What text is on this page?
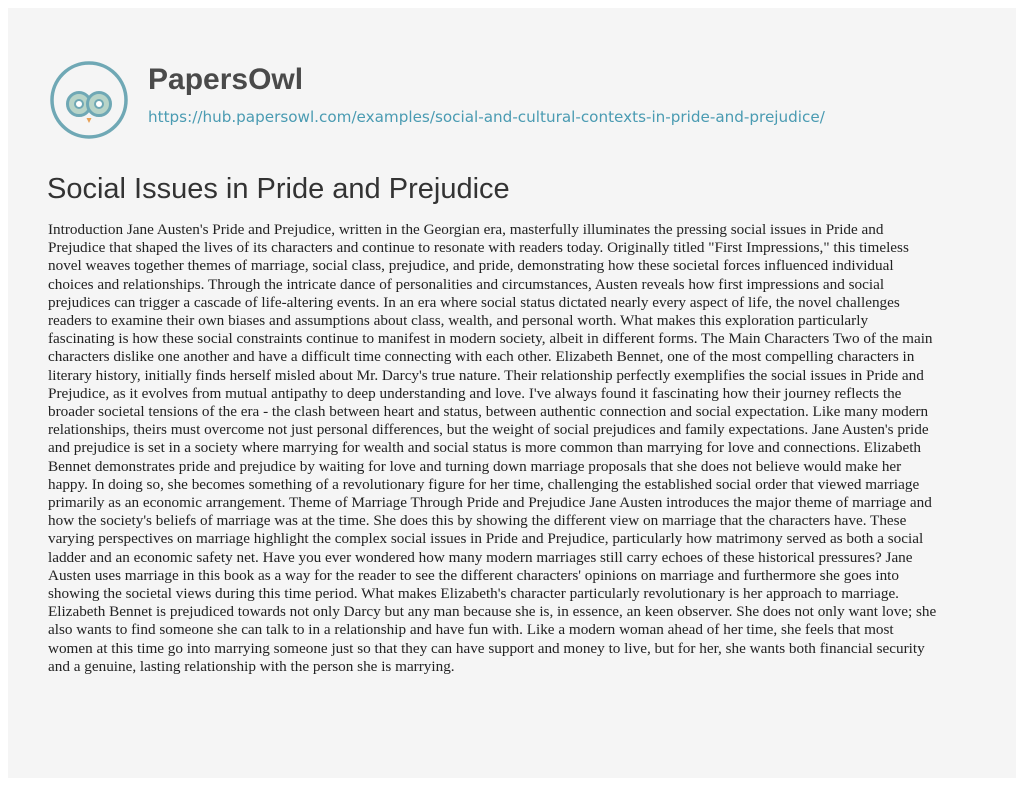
PapersOwl
https://hub.papersowl.com/examples/social-and-cultural-contexts-in-pride-and-prejudice/
Social Issues in Pride and Prejudice

Introduction Jane Austen's Pride and Prejudice, written in the Georgian era, masterfully illuminates the pressing social issues in Pride and Prejudice that shaped the lives of its characters and continue to resonate with readers today. Originally titled "First Impressions," this timeless novel weaves together themes of marriage, social class, prejudice, and pride, demonstrating how these societal forces influenced individual choices and relationships. Through the intricate dance of personalities and circumstances, Austen reveals how first impressions and social prejudices can trigger a cascade of life-altering events. In an era where social status dictated nearly every aspect of life, the novel challenges readers to examine their own biases and assumptions about class, wealth, and personal worth. What makes this exploration particularly fascinating is how these social constraints continue to manifest in modern society, albeit in different forms. The Main Characters Two of the main characters dislike one another and have a difficult time connecting with each other. Elizabeth Bennet, one of the most compelling characters in literary history, initially finds herself misled about Mr. Darcy's true nature. Their relationship perfectly exemplifies the social issues in Pride and Prejudice, as it evolves from mutual antipathy to deep understanding and love. I've always found it fascinating how their journey reflects the broader societal tensions of the era - the clash between heart and status, between authentic connection and social expectation. Like many modern relationships, theirs must overcome not just personal differences, but the weight of social prejudices and family expectations. Jane Austen's pride and prejudice is set in a society where marrying for wealth and social status is more common than marrying for love and connections. Elizabeth Bennet demonstrates pride and prejudice by waiting for love and turning down marriage proposals that she does not believe would make her happy. In doing so, she becomes something of a revolutionary figure for her time, challenging the established social order that viewed marriage primarily as an economic arrangement. Theme of Marriage Through Pride and Prejudice Jane Austen introduces the major theme of marriage and how the society's beliefs of marriage was at the time. She does this by showing the different view on marriage that the characters have. These varying perspectives on marriage highlight the complex social issues in Pride and Prejudice, particularly how matrimony served as both a social ladder and an economic safety net. Have you ever wondered how many modern marriages still carry echoes of these historical pressures? Jane Austen uses marriage in this book as a way for the reader to see the different characters' opinions on marriage and furthermore she goes into showing the societal views during this time period. What makes Elizabeth's character particularly revolutionary is her approach to marriage. Elizabeth Bennet is prejudiced towards not only Darcy but any man because she is, in essence, an keen observer. She does not only want love; she also wants to find someone she can talk to in a relationship and have fun with. Like a modern woman ahead of her time, she feels that most women at this time go into marrying someone just so that they can have support and money to live, but for her, she wants both financial security and a genuine, lasting relationship with the person she is marrying.
